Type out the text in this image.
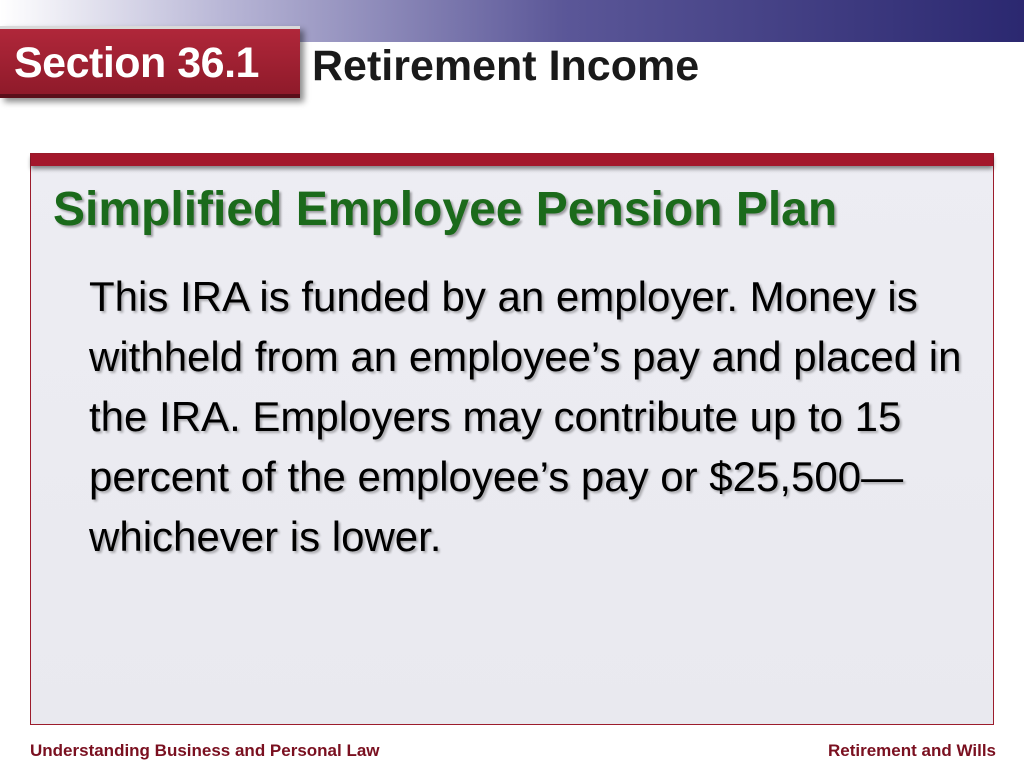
Section 36.1 Retirement Income
Simplified Employee Pension Plan
This IRA is funded by an employer. Money is withheld from an employee’s pay and placed in the IRA. Employers may contribute up to 15 percent of the employee’s pay or $25,500—whichever is lower.
Understanding Business and Personal Law	Retirement and Wills
